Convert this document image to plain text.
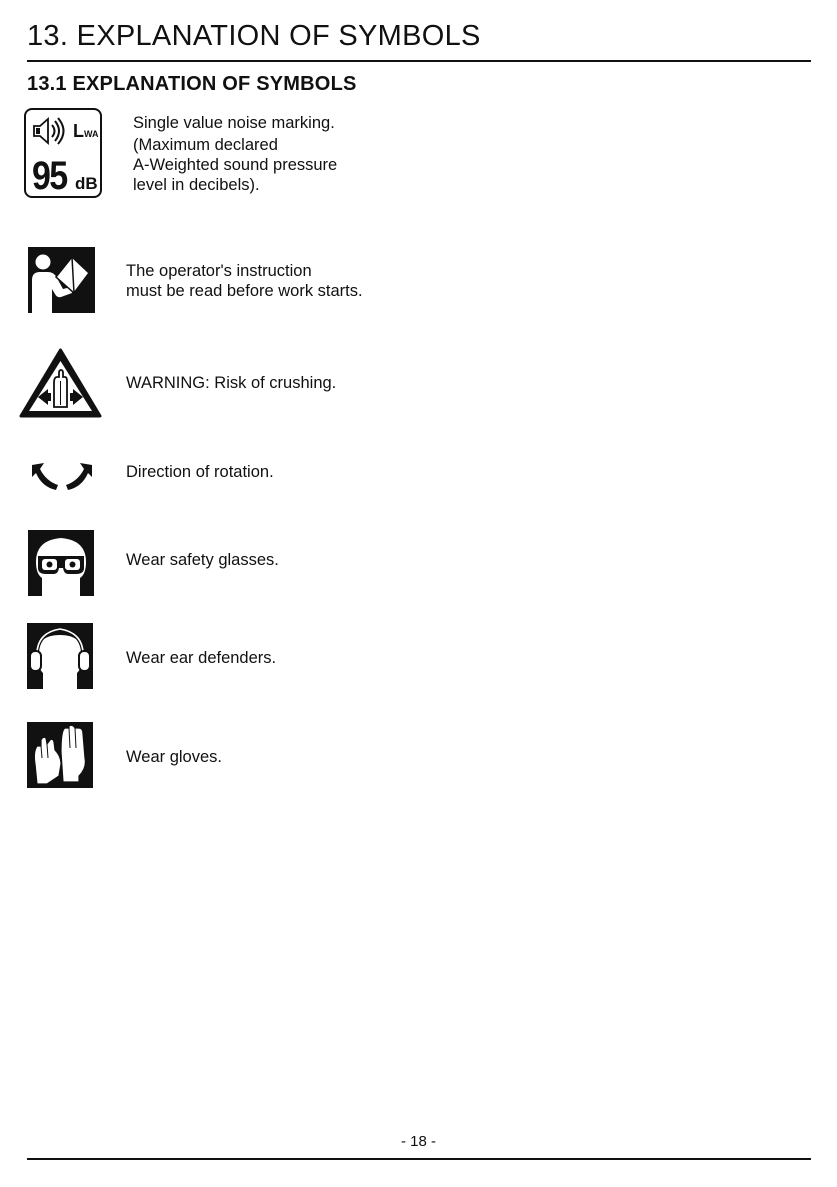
13. EXPLANATION OF SYMBOLS
13.1 EXPLANATION OF SYMBOLS
LWA
95 dB
Single value noise marking.
(Maximum declared
A-Weighted sound pressure
level in decibels).
The operator's instruction
must be read before work starts.
WARNING: Risk of crushing.
Direction of rotation.
Wear safety glasses.
Wear ear defenders.
Wear gloves.
- 18 -
